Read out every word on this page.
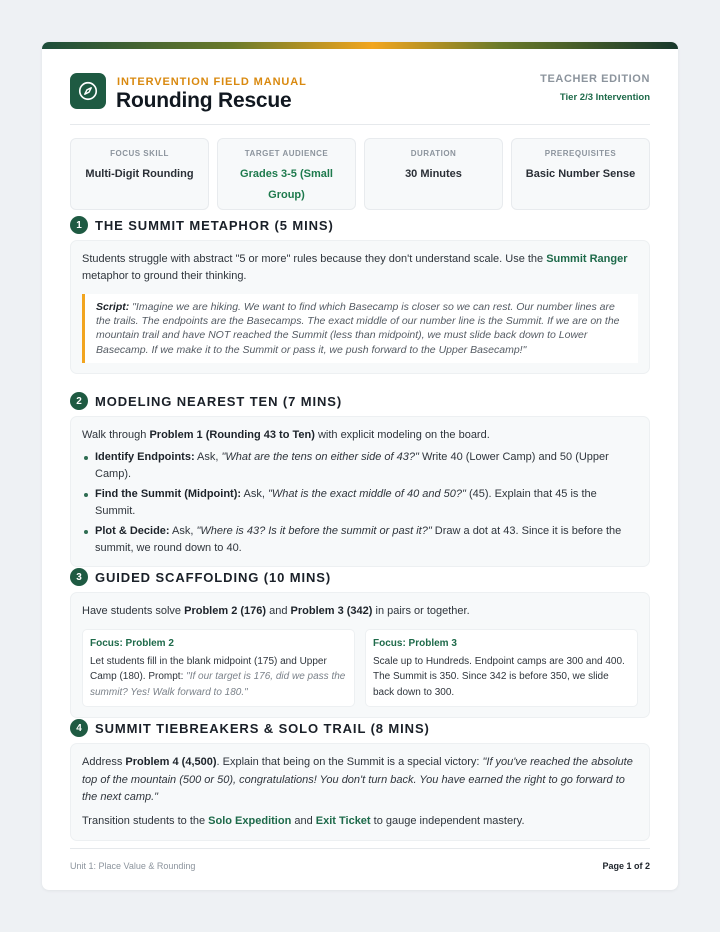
INTERVENTION FIELD MANUAL
Rounding Rescue
TEACHER EDITION
Tier 2/3 Intervention
FOCUS SKILL
Multi-Digit Rounding
TARGET AUDIENCE
Grades 3-5 (Small Group)
DURATION
30 Minutes
PREREQUISITES
Basic Number Sense
1	THE SUMMIT METAPHOR (5 MINS)
Students struggle with abstract "5 or more" rules because they don't understand scale. Use the Summit Ranger metaphor to ground their thinking.
Script: "Imagine we are hiking. We want to find which Basecamp is closer so we can rest. Our number lines are the trails. The endpoints are the Basecamps. The exact middle of our number line is the Summit. If we are on the mountain trail and have NOT reached the Summit (less than midpoint), we must slide back down to Lower Basecamp. If we make it to the Summit or pass it, we push forward to the Upper Basecamp!"
2	MODELING NEAREST TEN (7 MINS)
Walk through Problem 1 (Rounding 43 to Ten) with explicit modeling on the board.
Identify Endpoints: Ask, "What are the tens on either side of 43?" Write 40 (Lower Camp) and 50 (Upper Camp).
Find the Summit (Midpoint): Ask, "What is the exact middle of 40 and 50?" (45). Explain that 45 is the Summit.
Plot & Decide: Ask, "Where is 43? Is it before the summit or past it?" Draw a dot at 43. Since it is before the summit, we round down to 40.
3	GUIDED SCAFFOLDING (10 MINS)
Have students solve Problem 2 (176) and Problem 3 (342) in pairs or together.
Focus: Problem 2
Let students fill in the blank midpoint (175) and Upper Camp (180). Prompt: "If our target is 176, did we pass the summit? Yes! Walk forward to 180."
Focus: Problem 3
Scale up to Hundreds. Endpoint camps are 300 and 400. The Summit is 350. Since 342 is before 350, we slide back down to 300.
4	SUMMIT TIEBREAKERS & SOLO TRAIL (8 MINS)
Address Problem 4 (4,500). Explain that being on the Summit is a special victory: "If you've reached the absolute top of the mountain (500 or 50), congratulations! You don't turn back. You have earned the right to go forward to the next camp."
Transition students to the Solo Expedition and Exit Ticket to gauge independent mastery.
Unit 1: Place Value & Rounding	Page 1 of 2
